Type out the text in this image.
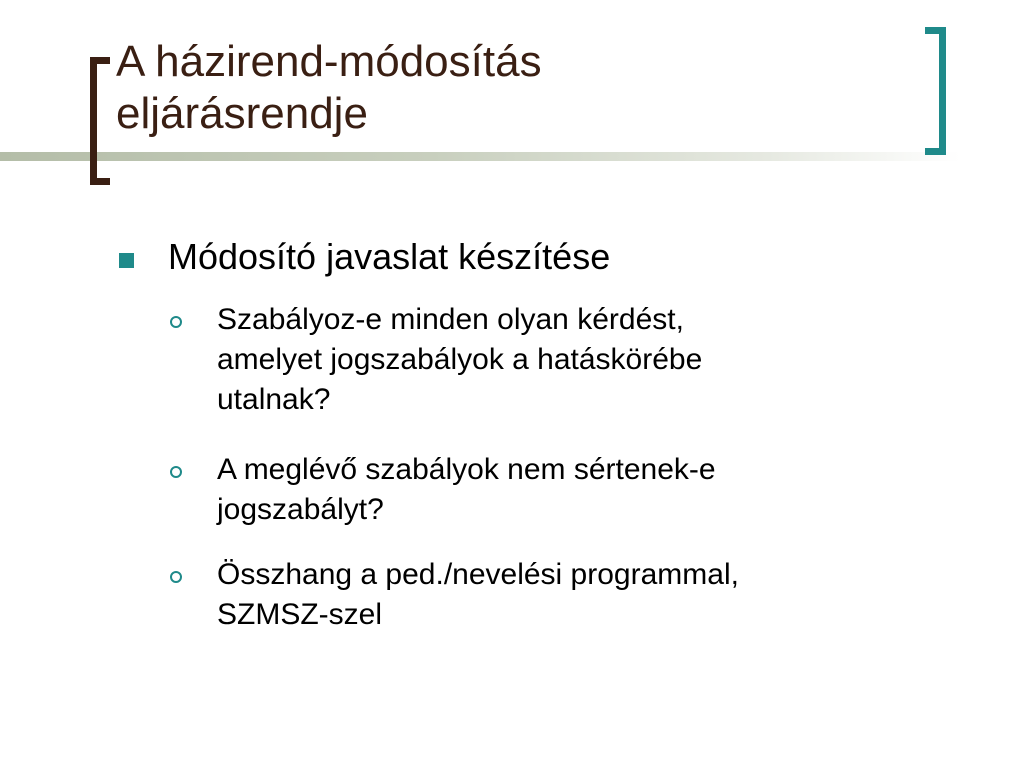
A házirend-módosítás
eljárásrendje
Módosító javaslat készítése
Szabályoz-e minden olyan kérdést,
amelyet jogszabályok a hatáskörébe
utalnak?
A meglévő szabályok nem sértenek-e
jogszabályt?
Összhang a ped./nevelési programmal,
SZMSZ-szel
